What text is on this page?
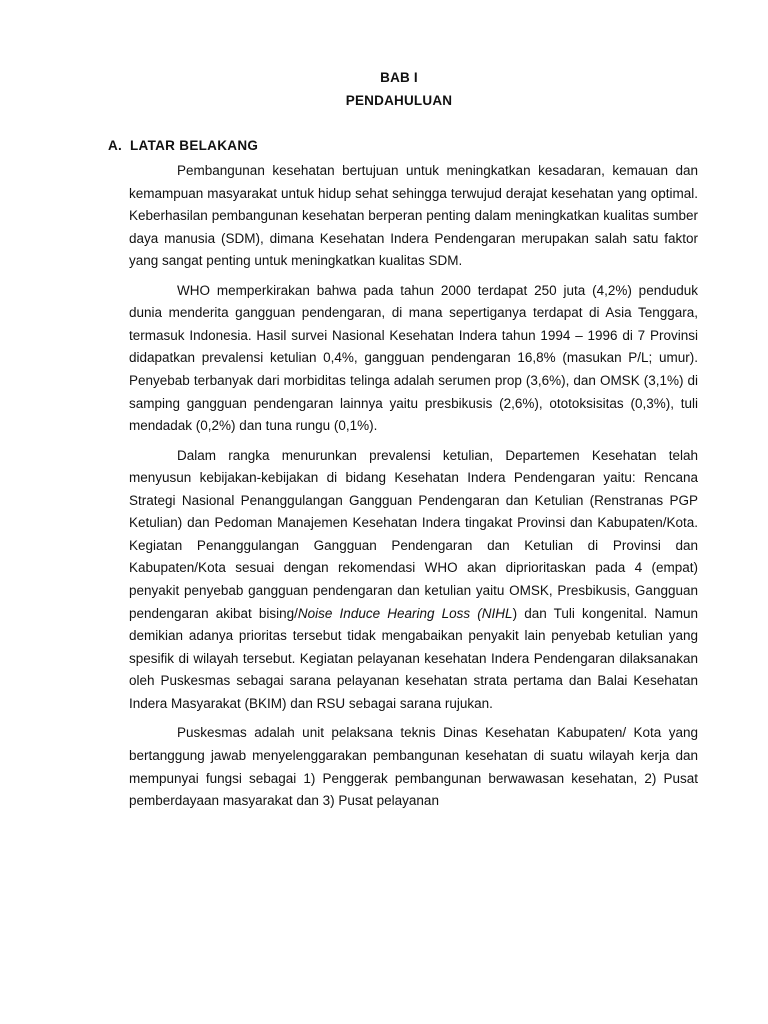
BAB I
PENDAHULUAN
A. LATAR BELAKANG

Pembangunan kesehatan bertujuan untuk meningkatkan kesadaran, kemauan dan kemampuan masyarakat untuk hidup sehat sehingga terwujud derajat kesehatan yang optimal. Keberhasilan pembangunan kesehatan berperan penting dalam meningkatkan kualitas sumber daya manusia (SDM), dimana Kesehatan Indera Pendengaran merupakan salah satu faktor yang sangat penting untuk meningkatkan kualitas SDM.

WHO memperkirakan bahwa pada tahun 2000 terdapat 250 juta (4,2%) penduduk dunia menderita gangguan pendengaran, di mana sepertiganya terdapat di Asia Tenggara, termasuk Indonesia. Hasil survei Nasional Kesehatan Indera tahun 1994 – 1996 di 7 Provinsi didapatkan prevalensi ketulian 0,4%, gangguan pendengaran 16,8% (masukan P/L; umur). Penyebab terbanyak dari morbiditas telinga adalah serumen prop (3,6%), dan OMSK (3,1%) di samping gangguan pendengaran lainnya yaitu presbikusis (2,6%), ototoksisitas (0,3%), tuli mendadak (0,2%) dan tuna rungu (0,1%).

Dalam rangka menurunkan prevalensi ketulian, Departemen Kesehatan telah menyusun kebijakan-kebijakan di bidang Kesehatan Indera Pendengaran yaitu: Rencana Strategi Nasional Penanggulangan Gangguan Pendengaran dan Ketulian (Renstranas PGP Ketulian) dan Pedoman Manajemen Kesehatan Indera tingakat Provinsi dan Kabupaten/Kota. Kegiatan Penanggulangan Gangguan Pendengaran dan Ketulian di Provinsi dan Kabupaten/Kota sesuai dengan rekomendasi WHO akan diprioritaskan pada 4 (empat) penyakit penyebab gangguan pendengaran dan ketulian yaitu OMSK, Presbikusis, Gangguan pendengaran akibat bising/Noise Induce Hearing Loss (NIHL) dan Tuli kongenital. Namun demikian adanya prioritas tersebut tidak mengabaikan penyakit lain penyebab ketulian yang spesifik di wilayah tersebut. Kegiatan pelayanan kesehatan Indera Pendengaran dilaksanakan oleh Puskesmas sebagai sarana pelayanan kesehatan strata pertama dan Balai Kesehatan Indera Masyarakat (BKIM) dan RSU sebagai sarana rujukan.

Puskesmas adalah unit pelaksana teknis Dinas Kesehatan Kabupaten/ Kota yang bertanggung jawab menyelenggarakan pembangunan kesehatan di suatu wilayah kerja dan mempunyai fungsi sebagai 1) Penggerak pembangunan berwawasan kesehatan, 2) Pusat pemberdayaan masyarakat dan 3) Pusat pelayanan
